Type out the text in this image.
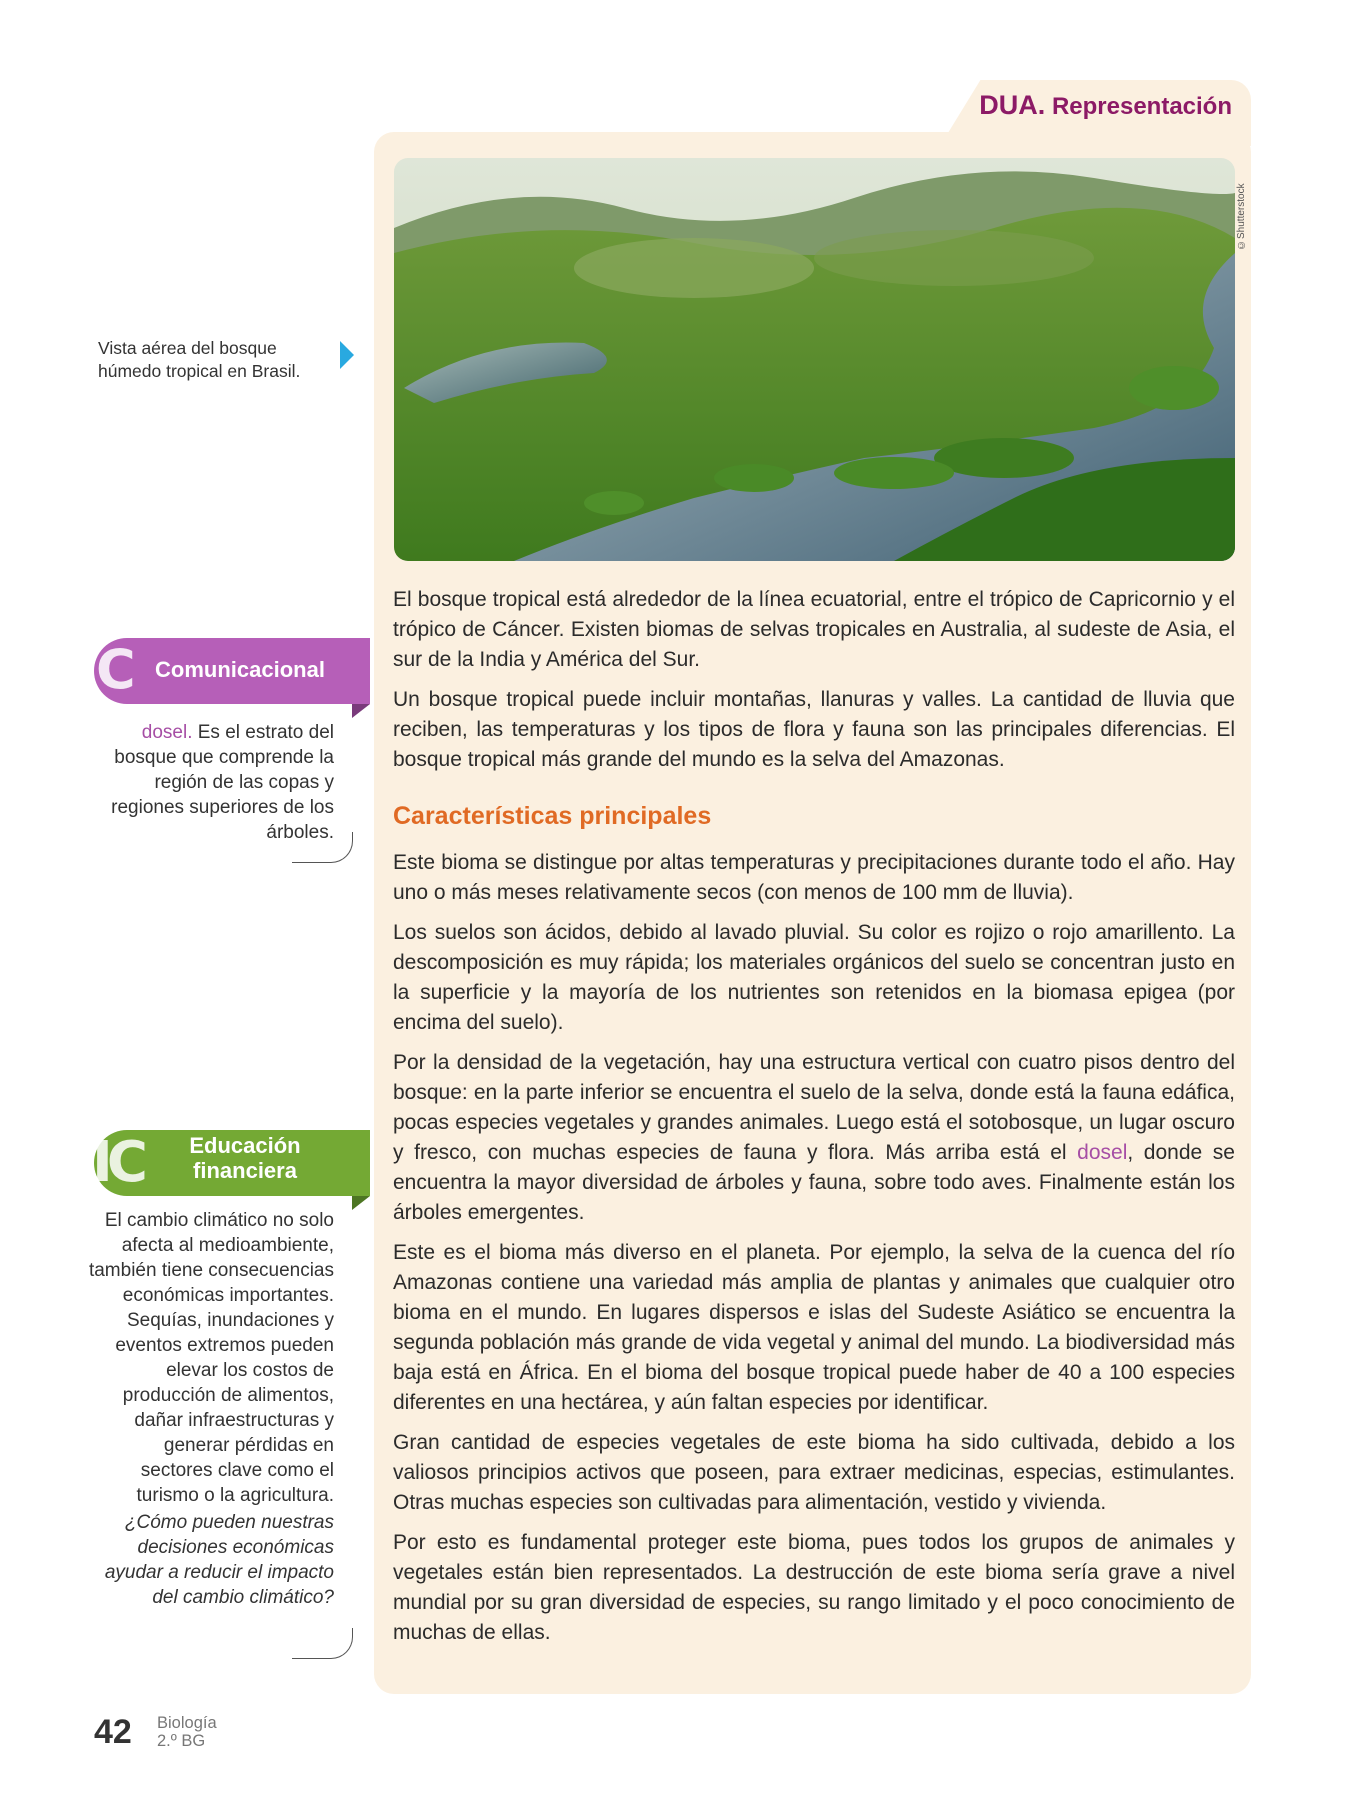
DUA. Representación
©Shutterstock
Vista aérea del bosque húmedo tropical en Brasil.

El bosque tropical está alrededor de la línea ecuatorial, entre el trópico de Capricornio y el trópico de Cáncer. Existen biomas de selvas tropicales en Australia, al sudeste de Asia, el sur de la India y América del Sur.

Un bosque tropical puede incluir montañas, llanuras y valles. La cantidad de lluvia que reciben, las temperaturas y los tipos de flora y fauna son las principales diferencias. El bosque tropical más grande del mundo es la selva del Amazonas.

Características principales

Este bioma se distingue por altas temperaturas y precipitaciones durante todo el año. Hay uno o más meses relativamente secos (con menos de 100 mm de lluvia).

Los suelos son ácidos, debido al lavado pluvial. Su color es rojizo o rojo amarillento. La descomposición es muy rápida; los materiales orgánicos del suelo se concentran justo en la superficie y la mayoría de los nutrientes son retenidos en la biomasa epigea (por encima del suelo).

Por la densidad de la vegetación, hay una estructura vertical con cuatro pisos dentro del bosque: en la parte inferior se encuentra el suelo de la selva, donde está la fauna edáfica, pocas especies vegetales y grandes animales. Luego está el sotobosque, un lugar oscuro y fresco, con muchas especies de fauna y flora. Más arriba está el dosel, donde se encuentra la mayor diversidad de árboles y fauna, sobre todo aves. Finalmente están los árboles emergentes.

Este es el bioma más diverso en el planeta. Por ejemplo, la selva de la cuenca del río Amazonas contiene una variedad más amplia de plantas y animales que cualquier otro bioma en el mundo. En lugares dispersos e islas del Sudeste Asiático se encuentra la segunda población más grande de vida vegetal y animal del mundo. La biodiversidad más baja está en África. En el bioma del bosque tropical puede haber de 40 a 100 especies diferentes en una hectárea, y aún faltan especies por identificar.

Gran cantidad de especies vegetales de este bioma ha sido cultivada, debido a los valiosos principios activos que poseen, para extraer medicinas, especias, estimulantes. Otras muchas especies son cultivadas para alimentación, vestido y vivienda.

Por esto es fundamental proteger este bioma, pues todos los grupos de animales y vegetales están bien representados. La destrucción de este bioma sería grave a nivel mundial por su gran diversidad de especies, su rango limitado y el poco conocimiento de muchas de ellas.

C Comunicacional
dosel. Es el estrato del bosque que comprende la región de las copas y regiones superiores de los árboles.
IC	Educación
financiera
El cambio climático no solo afecta al medioambiente, también tiene consecuencias económicas importantes. Sequías, inundaciones y eventos extremos pueden elevar los costos de producción de alimentos, dañar infraestructuras y generar pérdidas en sectores clave como el turismo o la agricultura.
¿Cómo pueden nuestras decisiones económicas ayudar a reducir el impacto del cambio climático?
42 Biología
2.º BG
